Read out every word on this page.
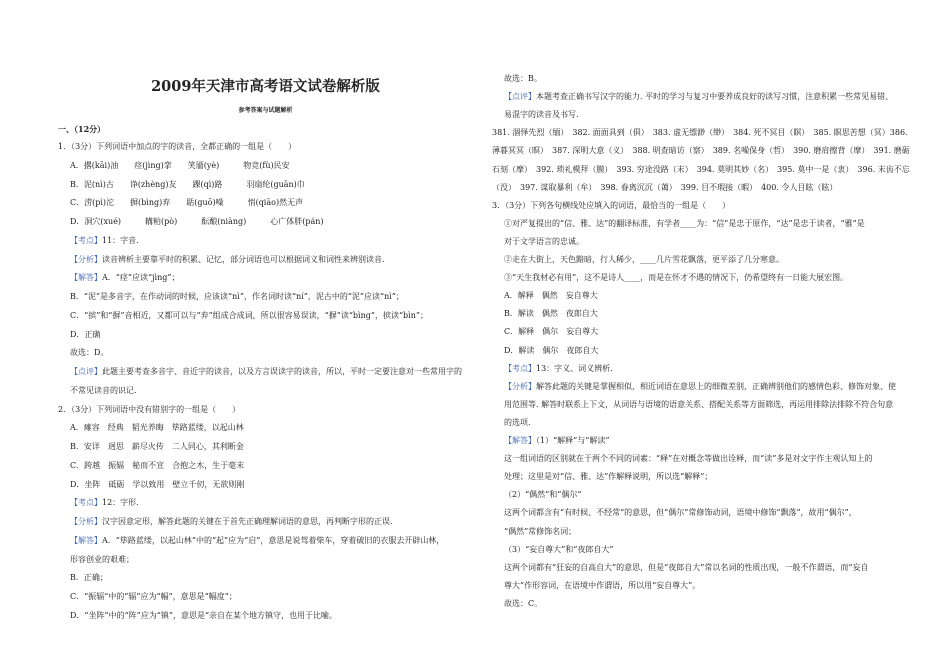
2009年天津市高考语文试卷解析版
参考答案与试题解析
一、（12分）
1．（3分）下列词语中加点的字的读音，全都正确的一组是（　　）
A．撂(kāi)油　　痉(jìng)挛　　笑靥(yè)　　　物竞(fù)民安
B．泥(nì)古　　诤(zhèng)友　　踝(qì)路　　　羽扇纶(guān)巾
C．涝(pì)沱　　摒(bìng)弃　　聒(guō)噪　　　悄(qiāo)然无声
D．洞穴(xué)　　　耩粕(pò)　　　酝酿(niàng)　　　心广体胖(pán)
【考点】11：字音．
【分析】读音辨析主要靠平时的积累、记忆，部分词语也可以根据词义和词性来辨别读音.
【解答】A．“痉”应读“jìng”；
B．“泥”是多音字，在作动词的时候，应该读“nì”，作名词时读“ní”，泥古中的“泥”应读“nì”；
C．“摈”和“摒”音相近，又都可以与“弃”组成合成词，所以很容易误读，“摒”读“bìng”，摈读“bìn”；
D．正确
故选：D。
【点评】此题主要考查多音字、音近字的读音，以及方言误读字的读音，所以，平时一定要注意对一些常用字的
不常见读音的识记.
2．（3分）下列词语中没有错别字的一组是（　　）
A．瘫容　经典　韬光养晦　筚路蓝缕，以起山林
B．安详　迥思　薪尽火传　二人同心，其利断金
C．跨越　振辐　秘而不宣　合抱之木，生于毫末
D．坐阵　砥砺　学以致用　壁立千仞，无欲则刚
【考点】12：字形．
【分析】汉字因意定形，解答此题的关键在于首先正确理解词语的意思，再判断字形的正误.
【解答】A．“筚路蓝缕，以起山林”中的“起”应为“启”，意思是说驾着柴车，穿着破旧的衣服去开辟山林，
形容创业的艰难；
B．正确；
C．“振辐”中的“辐”应为“幅”，意思是“幅度”；
D．“坐阵”中的“阵”应为“镇”，意思是“亲自在某个地方镇守，也用于比喻。
故选：B。
【点评】本题考查正确书写汉字的能力. 平时的学习与复习中要养成良好的读写习惯，注意积累一些常见易错、
易混字的读音及书写.
381. 涸怿先烈（缅）　382. 面面具到（俱）　383. 虚无缥渺（缈）　384. 死不冥目（瞑）　385. 瞑思苦想（冥）386.
薄暮冥冥（暝）　387. 深明大意（义）　388. 明查暗访（察）　389. 名噪保身（哲）　390. 磨肩擦背（摩）　391. 磨砺
石刻（摩）　392. 琐礼模拜（膜）　393. 穷途没路（末）　394. 莫明其妙（名）　395. 莫中一是（衷）　396. 末齿不忘
（没）　397. 谋取暴利（牟）　398. 眷离沉沉（蔼）　399. 目不瑕接（暇）　400. 令人目眩（眩）
3．（3分）下列各句横线处应填入的词语，最恰当的一组是（　　）
①对严复提出的“信、雅、达”的翻译标准，有学者____为：“信”是忠于原作，“达”是忠于读者，“雅”是
对于文学语言的忠诚。
②走在大街上，天色黯暗，行人稀少，____几片雪花飘落，更平添了几分寒意。
③“天生我材必有用”，这不是诗人____，而是在怀才不遇的情况下，仍希望终有一日能大展宏图。
A．解释　偶然　妄自尊大
B．解读　偶然　夜郎自大
C．解释　偶尔　妄自尊大
D．解读　偶尔　夜郎自大
【考点】13：字义、词义辨析．
【分析】解答此题的关键是掌握相似，相近词语在意思上的细微差别，正确辨别他们的感情色彩、修饰对象、使
用范围等. 解答时联系上下文，从词语与语境的语意关系、搭配关系等方面筛选，再运用排除法排除不符合句意
的选项.
【解答】（1）“解释”与“解读”
这一组词语的区别就在于两个不同的词素：“释”在对概念等做出诠释，而“读”多是对文字作主观认知上的
处理；这里是对“信、雅、达”作解释说明，所以选“解释”；
（2）“偶然”和“偶尔”
这两个词都含有“有时候、不经常”的意思，但“偶尔”常修饰动词，语境中修饰“飘落”，故用“偶尔”，
“偶然”常修饰名词；
（3）“妄自尊大”和“夜郎自大”
这两个词都有“狂妄的自高自大”的意思，但是“夜郎自大”常以名词的性质出现，一般不作谓语，而“妄自
尊大”作形容词，在语境中作谓语，所以用“妄自尊大”。
故选：C。
